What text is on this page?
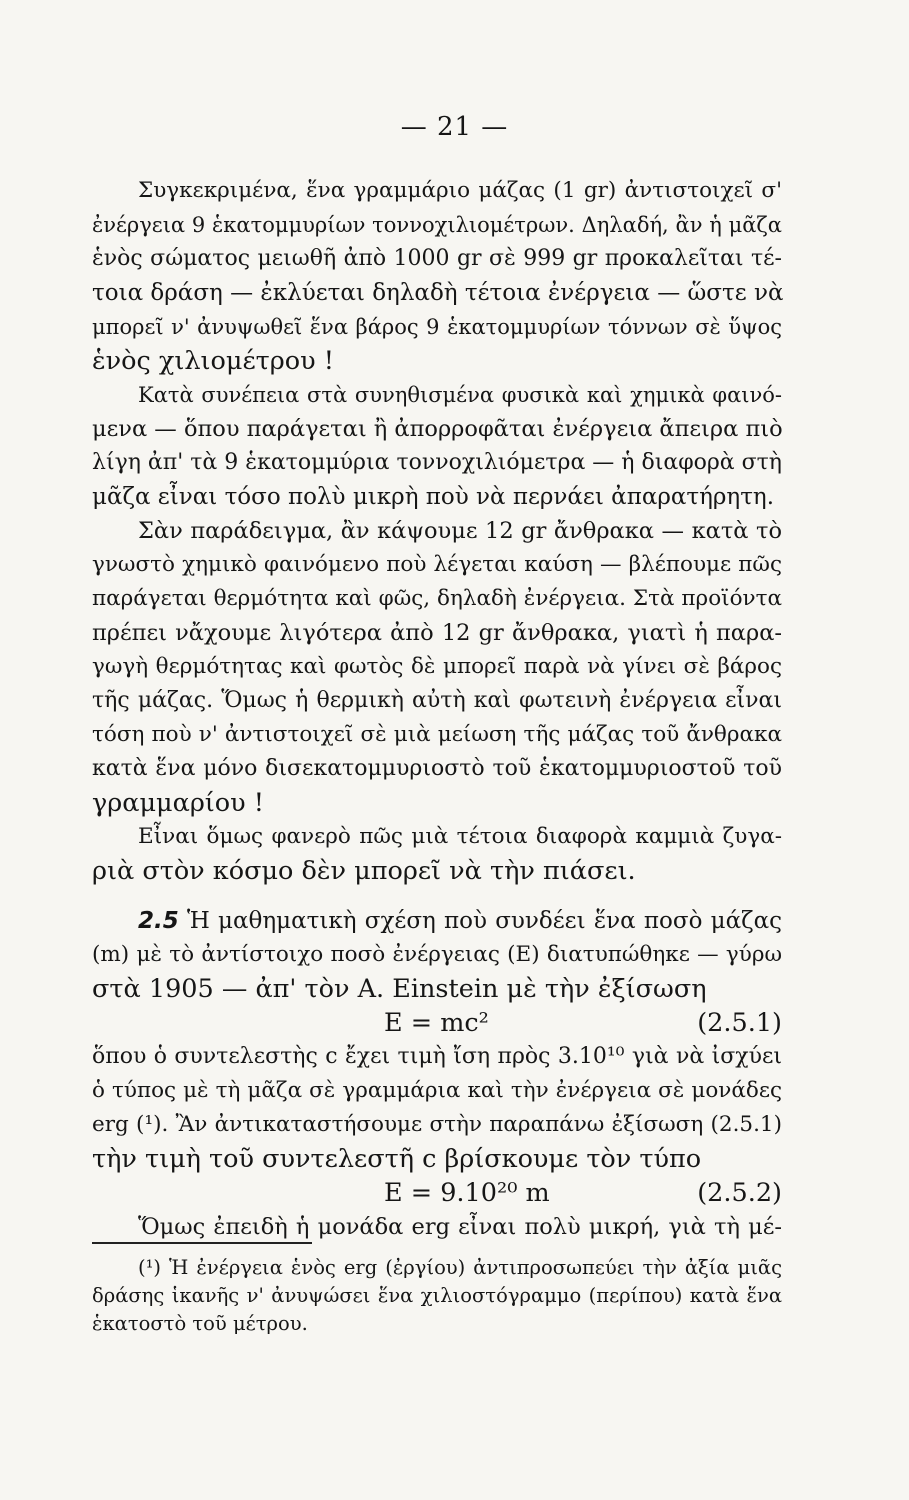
— 21 —
Συγκεκριμένα, ἕνα γραμμάριο μάζας (1 gr) ἀντιστοιχεῖ σ'
ἐνέργεια 9 ἑκατομμυρίων τοννοχιλιομέτρων. Δηλαδή, ἂν ἡ μᾶζα
ἑνὸς σώματος μειωθῆ ἀπὸ 1000 gr σὲ 999 gr προκαλεῖται τέ-
τοια δράση — ἐκλύεται δηλαδὴ τέτοια ἐνέργεια — ὥστε νὰ
μπορεῖ ν' ἀνυψωθεῖ ἕνα βάρος 9 ἑκατομμυρίων τόννων σὲ ὕψος
ἑνὸς χιλιομέτρου !
Κατὰ συνέπεια στὰ συνηθισμένα φυσικὰ καὶ χημικὰ φαινό-
μενα — ὅπου παράγεται ἢ ἀπορροφᾶται ἐνέργεια ἄπειρα πιὸ
λίγη ἀπ' τὰ 9 ἑκατομμύρια τοννοχιλιόμετρα — ἡ διαφορὰ στὴ
μᾶζα εἶναι τόσο πολὺ μικρὴ ποὺ νὰ περνάει ἀπαρατήρητη.
Σὰν παράδειγμα, ἂν κάψουμε 12 gr ἄνθρακα — κατὰ τὸ
γνωστὸ χημικὸ φαινόμενο ποὺ λέγεται καύση — βλέπουμε πῶς
παράγεται θερμότητα καὶ φῶς, δηλαδὴ ἐνέργεια. Στὰ προϊόντα
πρέπει νἄχουμε λιγότερα ἀπὸ 12 gr ἄνθρακα, γιατὶ ἡ παρα-
γωγὴ θερμότητας καὶ φωτὸς δὲ μπορεῖ παρὰ νὰ γίνει σὲ βάρος
τῆς μάζας. Ὅμως ἡ θερμικὴ αὐτὴ καὶ φωτεινὴ ἐνέργεια εἶναι
τόση ποὺ ν' ἀντιστοιχεῖ σὲ μιὰ μείωση τῆς μάζας τοῦ ἄνθρακα
κατὰ ἕνα μόνο δισεκατομμυριοστὸ τοῦ ἑκατομμυριοστοῦ τοῦ
γραμμαρίου !
Εἶναι ὅμως φανερὸ πῶς μιὰ τέτοια διαφορὰ καμμιὰ ζυγα-
ριὰ στὸν κόσμο δὲν μπορεῖ νὰ τὴν πιάσει.
2.5 Ἡ μαθηματικὴ σχέση ποὺ συνδέει ἕνα ποσὸ μάζας
(m) μὲ τὸ ἀντίστοιχο ποσὸ ἐνέργειας (E) διατυπώθηκε — γύρω
στὰ 1905 — ἀπ' τὸν A. Einstein μὲ τὴν ἐξίσωση
E = mc²	(2.5.1)
ὅπου ὁ συντελεστὴς c ἔχει τιμὴ ἴση πρὸς 3.10¹⁰ γιὰ νὰ ἰσχύει
ὁ τύπος μὲ τὴ μᾶζα σὲ γραμμάρια καὶ τὴν ἐνέργεια σὲ μονάδες
erg (¹). Ἂν ἀντικαταστήσουμε στὴν παραπάνω ἐξίσωση (2.5.1)
τὴν τιμὴ τοῦ συντελεστῆ c βρίσκουμε τὸν τύπο
E = 9.10²⁰ m	(2.5.2)
Ὅμως ἐπειδὴ ἡ μονάδα erg εἶναι πολὺ μικρή, γιὰ τὴ μέ-
(¹) Ἡ ἐνέργεια ἑνὸς erg (ἐργίου) ἀντιπροσωπεύει τὴν ἀξία μιᾶς
δράσης ἱκανῆς ν' ἀνυψώσει ἕνα χιλιοστόγραμμο (περίπου) κατὰ ἕνα
ἑκατοστὸ τοῦ μέτρου.
